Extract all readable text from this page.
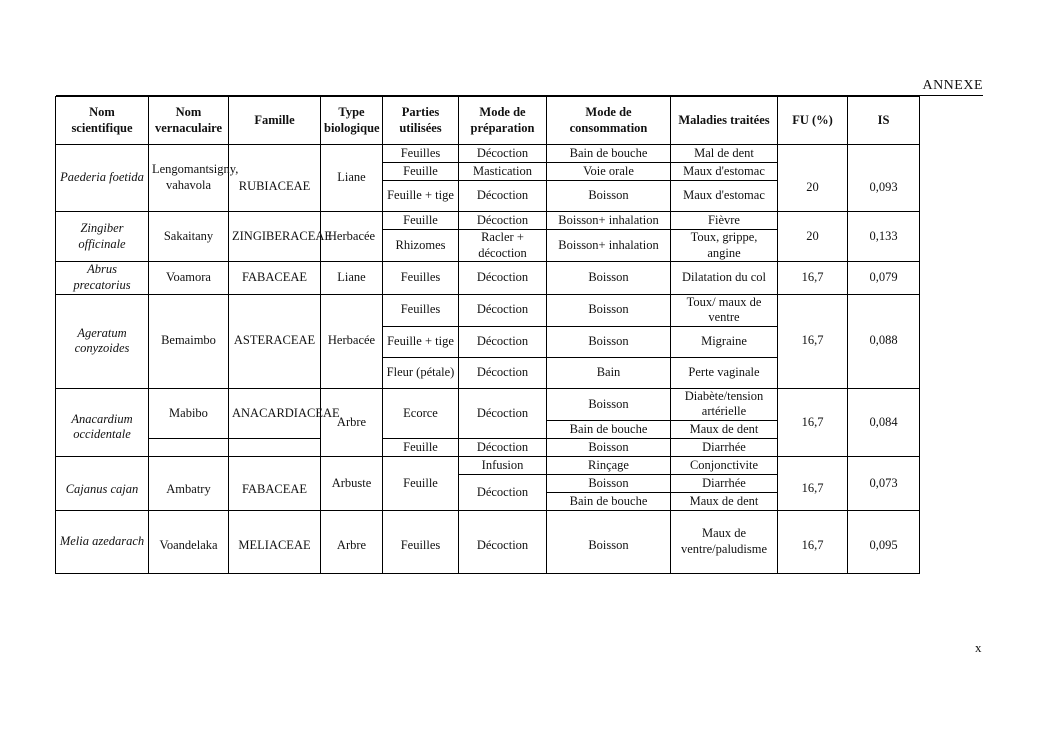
ANNEXE
Nom scientifique	Nom vernaculaire	Famille	Type biologique	Parties utilisées	Mode de préparation	Mode de consommation	Maladies traitées	FU (%)	IS
Paederia foetida	Lengomantsigny, vahavola	RUBIACEAE	Liane	Feuilles	Décoction	Bain de bouche	Mal de dent	20	0,093
				Feuille	Mastication	Voie orale	Maux d'estomac		
				Feuille + tige	Décoction	Boisson	Maux d'estomac		
Zingiber officinale	Sakaitany	ZINGIBERACEAE	Herbacée	Feuille	Décoction	Boisson+ inhalation	Fièvre	20	0,133
				Rhizomes	Racler + décoction	Boisson+ inhalation	Toux, grippe, angine		
Abrus precatorius	Voamora	FABACEAE	Liane	Feuilles	Décoction	Boisson	Dilatation du col	16,7	0,079
Ageratum conyzoides	Bemaimbo	ASTERACEAE	Herbacée	Feuilles	Décoction	Boisson	Toux/ maux de ventre	16,7	0,088
				Feuille + tige	Décoction	Boisson	Migraine		
				Fleur (pétale)	Décoction	Bain	Perte vaginale		
Anacardium occidentale	Mabibo	ANACARDIACEAE	Arbre	Ecorce	Décoction	Boisson	Diabète/tension artérielle	16,7	0,084
						Bain de bouche	Maux de dent		
				Feuille	Décoction	Boisson	Diarrhée		
Cajanus cajan	Ambatry	FABACEAE	Arbuste	Feuille	Infusion	Rinçage	Conjonctivite	16,7	0,073
					Décoction	Boisson	Diarrhée		
						Bain de bouche	Maux de dent		
Melia azedarach	Voandelaka	MELIACEAE	Arbre	Feuilles	Décoction	Boisson	Maux de ventre/paludisme	16,7	0,095
x
